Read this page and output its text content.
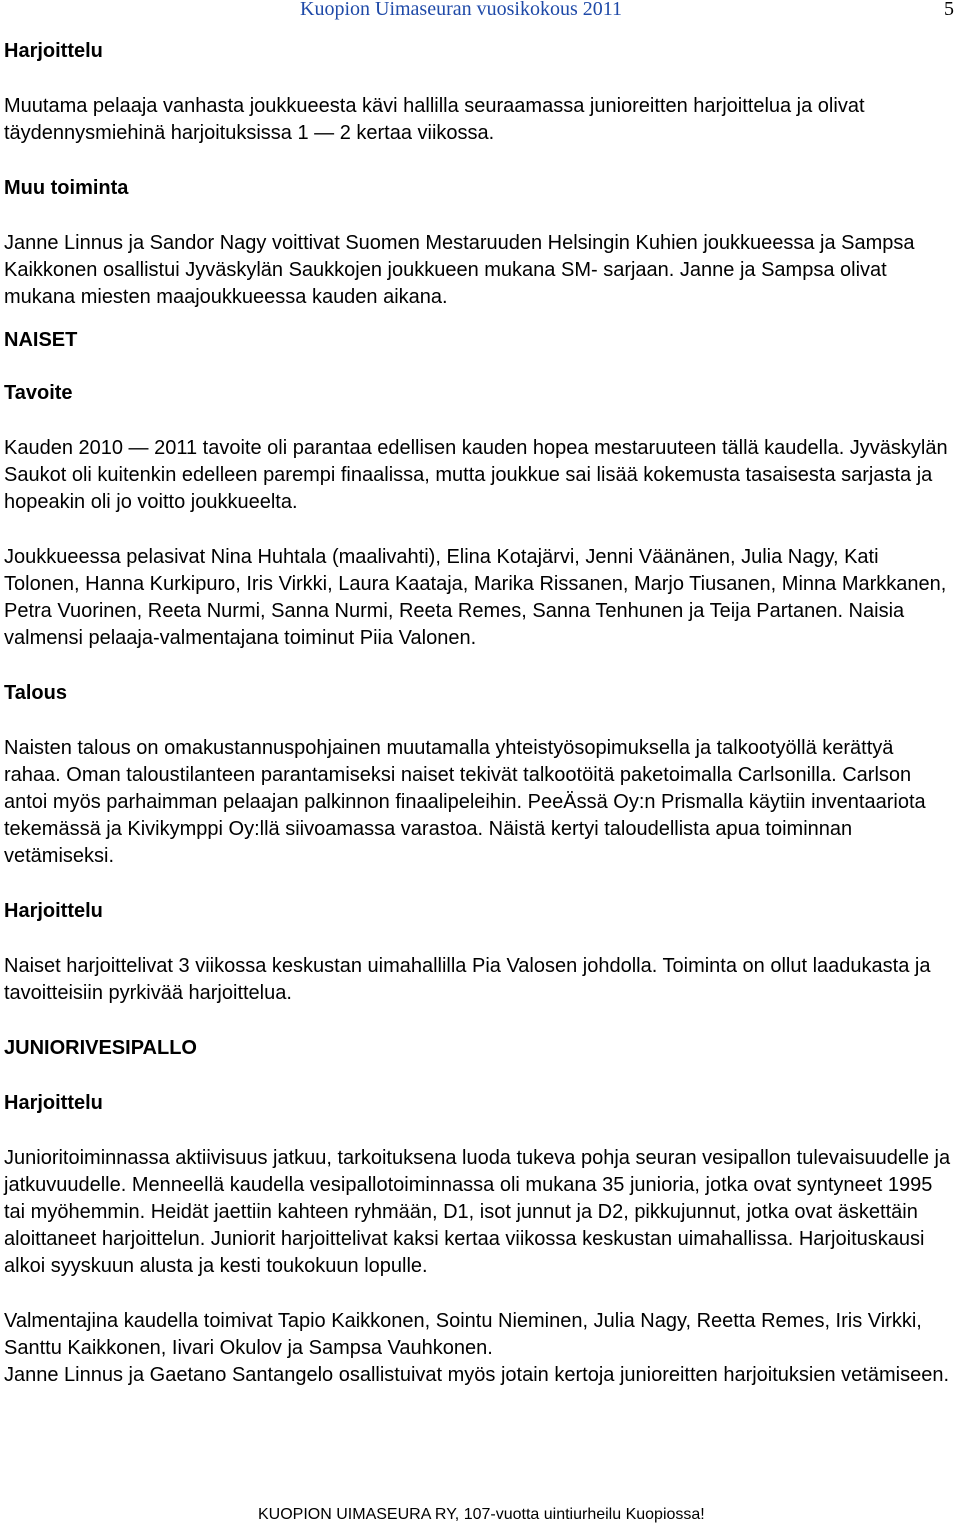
Kuopion Uimaseuran vuosikokous 2011	5
Harjoittelu

Muutama pelaaja vanhasta joukkueesta kävi hallilla seuraamassa junioreitten harjoittelua ja olivat täydennysmiehinä harjoituksissa 1 — 2 kertaa viikossa.

Muu toiminta

Janne Linnus ja Sandor Nagy voittivat Suomen Mestaruuden Helsingin Kuhien joukkueessa ja Sampsa Kaikkonen osallistui Jyväskylän Saukkojen joukkueen mukana SM- sarjaan. Janne ja Sampsa olivat mukana miesten maajoukkueessa kauden aikana.

NAISET
Tavoite

Kauden 2010 — 2011 tavoite oli parantaa edellisen kauden hopea mestaruuteen tällä kaudella. Jyväskylän Saukot oli kuitenkin edelleen parempi finaalissa, mutta joukkue sai lisää kokemusta tasaisesta sarjasta ja hopeakin oli jo voitto joukkueelta.

Joukkueessa pelasivat Nina Huhtala (maalivahti), Elina Kotajärvi, Jenni Väänänen, Julia Nagy, Kati Tolonen, Hanna Kurkipuro, Iris Virkki, Laura Kaataja, Marika Rissanen, Marjo Tiusanen, Minna Markkanen, Petra Vuorinen, Reeta Nurmi, Sanna Nurmi, Reeta Remes, Sanna Tenhunen ja Teija Partanen. Naisia valmensi pelaaja-valmentajana toiminut Piia Valonen.

Talous

Naisten talous on omakustannuspohjainen muutamalla yhteistyösopimuksella ja talkootyöllä kerättyä rahaa. Oman taloustilanteen parantamiseksi naiset tekivät talkootöitä paketoimalla Carlsonilla. Carlson antoi myös parhaimman pelaajan palkinnon finaalipeleihin. PeeÄssä Oy:n Prismalla käytiin inventaariota tekemässä ja Kivikymppi Oy:llä siivoamassa varastoa. Näistä kertyi taloudellista apua toiminnan vetämiseksi.

Harjoittelu

Naiset harjoittelivat 3 viikossa keskustan uimahallilla Pia Valosen johdolla. Toiminta on ollut laadukasta ja tavoitteisiin pyrkivää harjoittelua.

JUNIORIVESIPALLO
Harjoittelu

Junioritoiminnassa aktiivisuus jatkuu, tarkoituksena luoda tukeva pohja seuran vesipallon tulevaisuudelle ja jatkuvuudelle. Menneellä kaudella vesipallotoiminnassa oli mukana 35 junioria, jotka ovat syntyneet 1995 tai myöhemmin. Heidät jaettiin kahteen ryhmään, D1, isot junnut ja D2, pikkujunnut, jotka ovat äskettäin aloittaneet harjoittelun. Juniorit harjoittelivat kaksi kertaa viikossa keskustan uimahallissa. Harjoituskausi alkoi syyskuun alusta ja kesti toukokuun lopulle.

Valmentajina kaudella toimivat Tapio Kaikkonen, Sointu Nieminen, Julia Nagy, Reetta Remes, Iris Virkki, Santtu Kaikkonen, Iivari Okulov ja Sampsa Vauhkonen.

Janne Linnus ja Gaetano Santangelo osallistuivat myös jotain kertoja junioreitten harjoituksien vetämiseen.

KUOPION UIMASEURA RY, 107-vuotta uintiurheilu Kuopiossa!
